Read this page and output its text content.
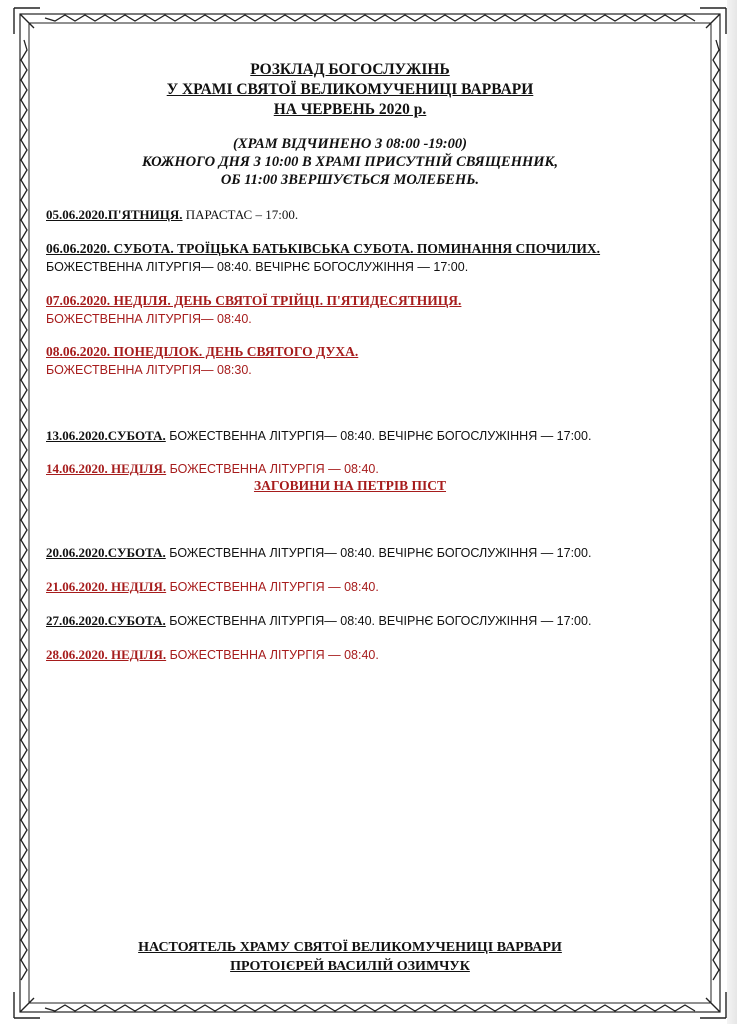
РОЗКЛАД БОГОСЛУЖІНЬ
У ХРАМІ СВЯТОЇ ВЕЛИКОМУЧЕНИЦІ ВАРВАРИ
НА ЧЕРВЕНЬ 2020 р.
(ХРАМ ВІДЧИНЕНО З 08:00 -19:00)
КОЖНОГО ДНЯ З 10:00 В ХРАМІ ПРИСУТНІЙ СВЯЩЕННИК,
ОБ 11:00 ЗВЕРШУЄТЬСЯ МОЛЕБЕНЬ.
05.06.2020.П'ЯТНИЦЯ. ПАРАСТАС – 17:00.
06.06.2020. СУБОТА. ТРОЇЦЬКА БАТЬКІВСЬКА СУБОТА. ПОМИНАННЯ СПОЧИЛИХ.
БОЖЕСТВЕННА ЛІТУРГІЯ— 08:40. ВЕЧІРНЄ БОГОСЛУЖІННЯ — 17:00.
07.06.2020. НЕДІЛЯ. ДЕНЬ СВЯТОЇ ТРІЙЦІ. П'ЯТИДЕСЯТНИЦЯ.
БОЖЕСТВЕННА ЛІТУРГІЯ— 08:40.
08.06.2020. ПОНЕДІЛОК. ДЕНЬ СВЯТОГО ДУХА.
БОЖЕСТВЕННА ЛІТУРГІЯ— 08:30.
13.06.2020.СУБОТА. БОЖЕСТВЕННА ЛІТУРГІЯ— 08:40. ВЕЧІРНЄ БОГОСЛУЖІННЯ — 17:00.
14.06.2020. НЕДІЛЯ. БОЖЕСТВЕННА ЛІТУРГІЯ — 08:40.
ЗАГОВИНИ НА ПЕТРІВ ПІСТ
20.06.2020.СУБОТА. БОЖЕСТВЕННА ЛІТУРГІЯ— 08:40. ВЕЧІРНЄ БОГОСЛУЖІННЯ — 17:00.
21.06.2020. НЕДІЛЯ. БОЖЕСТВЕННА ЛІТУРГІЯ — 08:40.
27.06.2020.СУБОТА. БОЖЕСТВЕННА ЛІТУРГІЯ— 08:40. ВЕЧІРНЄ БОГОСЛУЖІННЯ — 17:00.
28.06.2020. НЕДІЛЯ. БОЖЕСТВЕННА ЛІТУРГІЯ — 08:40.
НАСТОЯТЕЛЬ ХРАМУ СВЯТОЇ ВЕЛИКОМУЧЕНИЦІ ВАРВАРИ
ПРОТОІЄРЕЙ ВАСИЛІЙ ОЗИМЧУК
